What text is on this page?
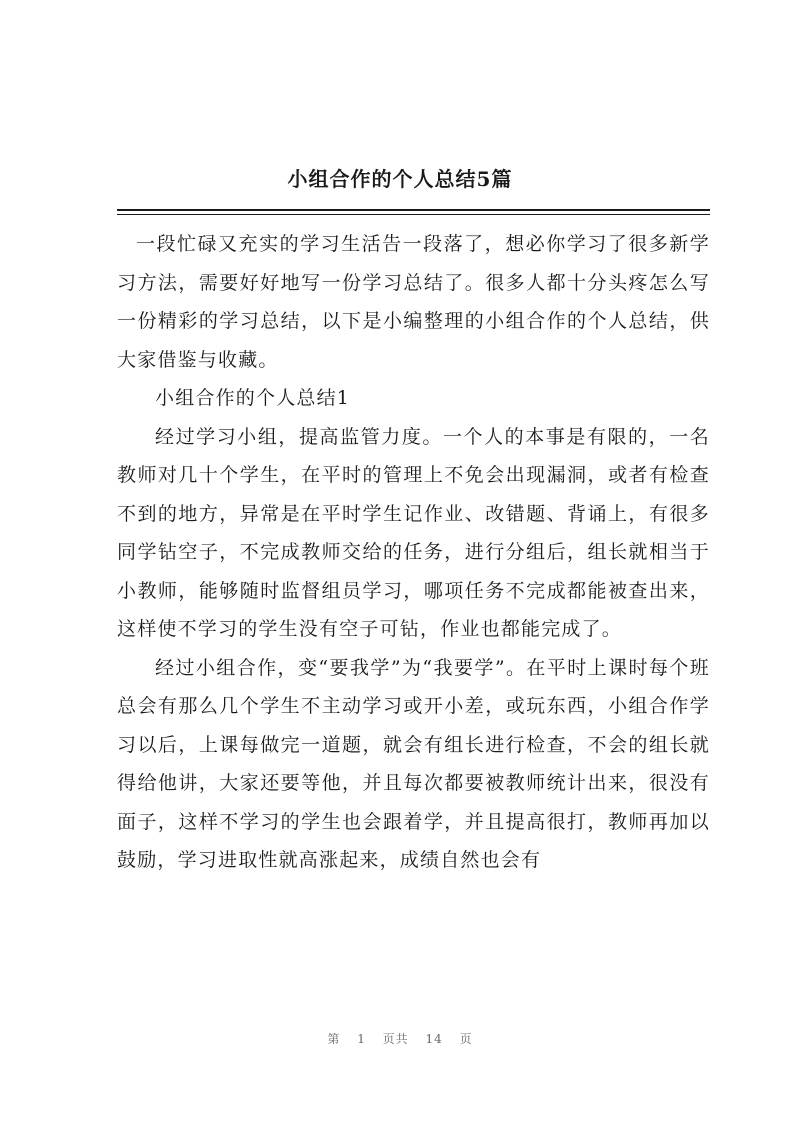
小组合作的个人总结5篇

一段忙碌又充实的学习生活告一段落了，想必你学习了很多新学习方法，需要好好地写一份学习总结了。很多人都十分头疼怎么写一份精彩的学习总结，以下是小编整理的小组合作的个人总结，供大家借鉴与收藏。

小组合作的个人总结1

经过学习小组，提高监管力度。一个人的本事是有限的，一名教师对几十个学生，在平时的管理上不免会出现漏洞，或者有检查不到的地方，异常是在平时学生记作业、改错题、背诵上，有很多同学钻空子，不完成教师交给的任务，进行分组后，组长就相当于小教师，能够随时监督组员学习，哪项任务不完成都能被查出来，这样使不学习的学生没有空子可钻，作业也都能完成了。

经过小组合作，变“要我学”为“我要学”。在平时上课时每个班总会有那么几个学生不主动学习或开小差，或玩东西，小组合作学习以后，上课每做完一道题，就会有组长进行检查，不会的组长就得给他讲，大家还要等他，并且每次都要被教师统计出来，很没有面子，这样不学习的学生也会跟着学，并且提高很打，教师再加以鼓励，学习进取性就高涨起来，成绩自然也会有

第 1 页共 14 页
